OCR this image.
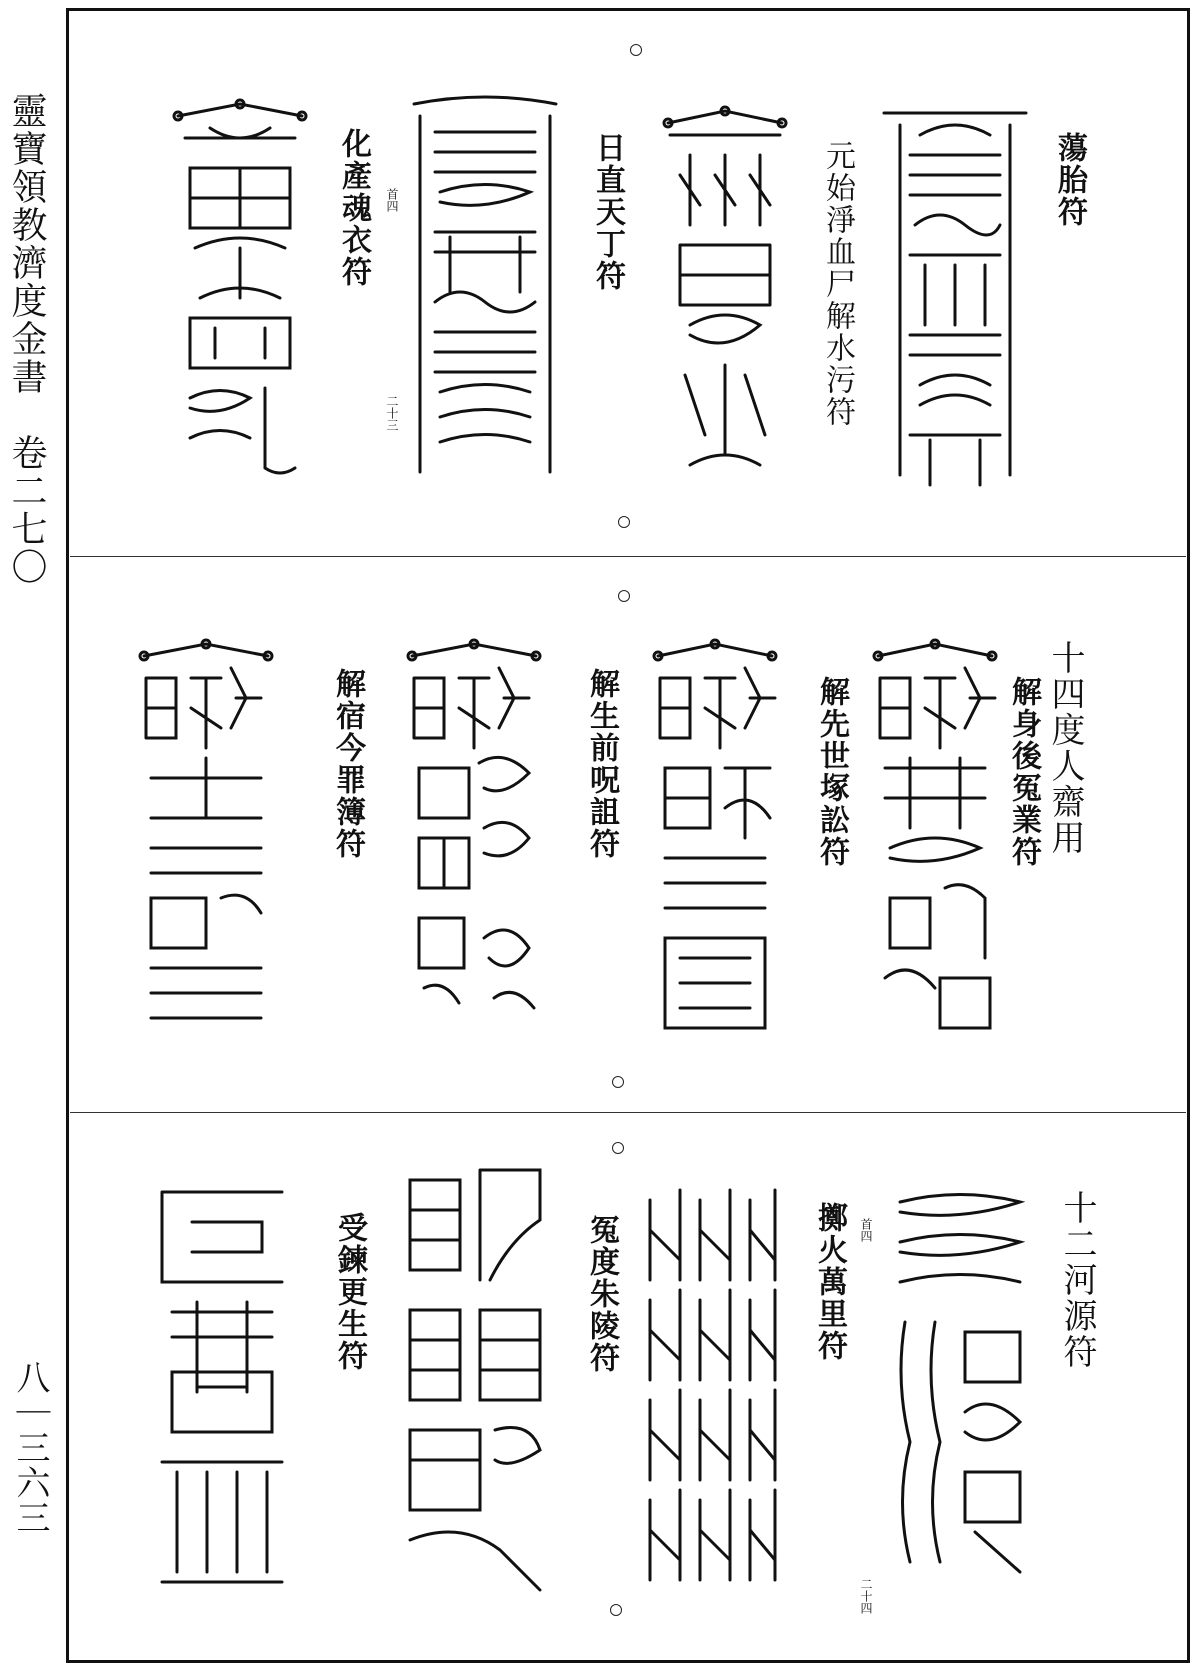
靈寶領教濟度金書　卷二七〇
八｜三六三
蕩胎符
元始淨血尸解水污符
日直天丁符
二十三
化產魂衣符 首四
十四度人齋用
解身後冤業符
解先世塚訟符
解生前呪詛符
解宿今罪簿符
十二河源符
擲火萬里符 首四
二十四
冤度朱陵符
受鍊更生符
